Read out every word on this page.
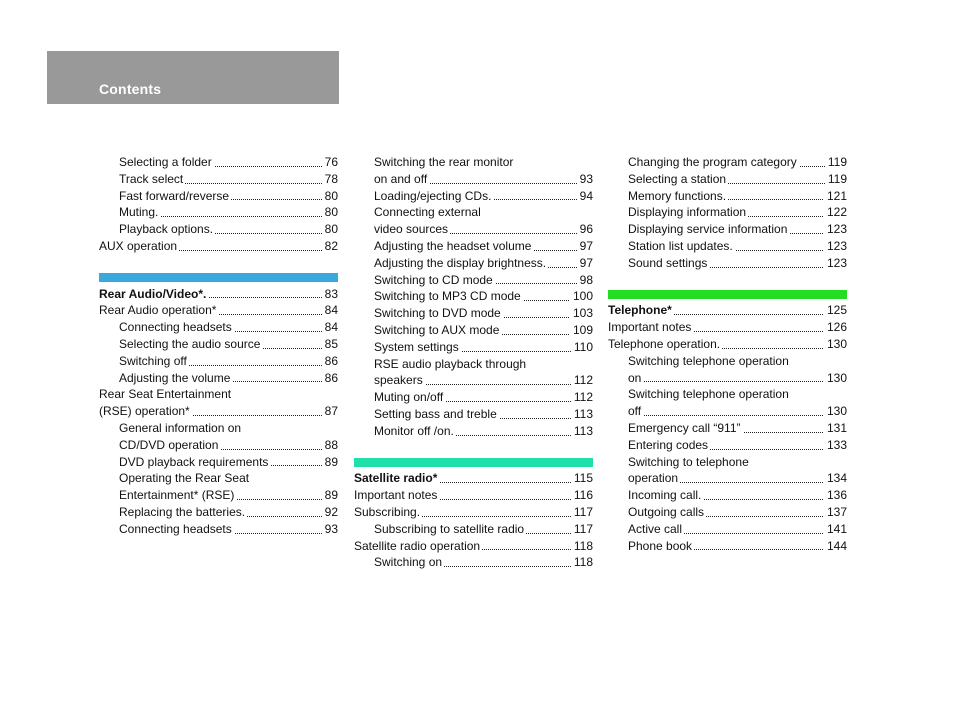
Contents
Selecting a folder	76
Track select	78
Fast forward/reverse	80
Muting.	80
Playback options.	80
AUX operation	82
Rear Audio/Video*.	83
Rear Audio operation*	84
Connecting headsets	84
Selecting the audio source	85
Switching off	86
Adjusting the volume	86
Rear Seat Entertainment
(RSE) operation*	87
General information on
CD/DVD operation	88
DVD playback requirements	89
Operating the Rear Seat
Entertainment* (RSE)	89
Replacing the batteries.	92
Connecting headsets	93
Switching the rear monitor
on and off	93
Loading/ejecting CDs.	94
Connecting external
video sources	96
Adjusting the headset volume	97
Adjusting the display brightness.	97
Switching to CD mode	98
Switching to MP3 CD mode	100
Switching to DVD mode	103
Switching to AUX mode	109
System settings	110
RSE audio playback through
speakers	112
Muting on/off	112
Setting bass and treble	113
Monitor off /on.	113
Satellite radio*	115
Important notes	116
Subscribing.	117
Subscribing to satellite radio	117
Satellite radio operation	118
Switching on	118
Changing the program category	119
Selecting a station	119
Memory functions.	121
Displaying information	122
Displaying service information	123
Station list updates.	123
Sound settings	123
Telephone*	125
Important notes	126
Telephone operation.	130
Switching telephone operation
on	130
Switching telephone operation
off	130
Emergency call “911”	131
Entering codes	133
Switching to telephone
operation	134
Incoming call.	136
Outgoing calls	137
Active call	141
Phone book	144
